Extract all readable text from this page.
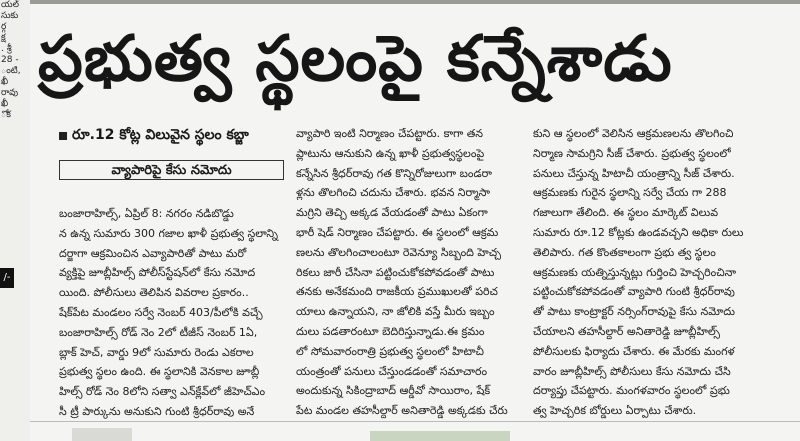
యల్
సుకు
ర్గ
క్ష
. శ్రీ
28 -
ంటి,
ఖీ
రావు
ఖీ
ోక
/-
ప్రభుత్వ స్థలంపై కన్నేశాడు
రూ.12 కోట్ల విలువైన స్థలం కబ్జా
వ్యాపారిపై కేసు నమోదు

బంజారాహిల్స్, ఏప్రిల్ 8: నగరం నడిబొడ్డు

న ఉన్న సుమారు 300 గజాల ఖాళీ ప్రభుత్వ స్థలాన్ని

దర్జాగా ఆక్రమించిన ఎవ్యాపారితో పాటు మరో

వ్యక్తిపై జూబ్లీహిల్స్ పోలీస్‌స్టేషన్‌లో కేసు నమోద

యింది. పోలీసులు తెలిపిన వివరాల ప్రకారం..

షేక్‌పేట మండలం సర్వే నెంబర్ 403/పీలోకి వచ్చే

బంజారాహిల్స్ రోడ్ నెం 2లో టీజీస్ నెంబర్ 1ఏ,

బ్లాక్ హెచ్, వార్డు 9లో సుమారు రెండు ఎకరాల

ప్రభుత్వ స్థలం ఉంది. ఈ స్థలానికి వెనకాల జూబ్లీ

హిల్స్ రోడ్ నెం 8లోని సత్వా ఎన్‌క్లేవ్‌లో జీహెచ్ఎం

సీ ట్రీ పార్కును అనుకుని గుంటి శ్రీధర్‌రావు అనే

వ్యాపారి ఇంటి నిర్మాణం చేపట్టారు. కాగా తన

ప్లాటును ఆనుకుని ఉన్న ఖాళీ ప్రభుత్వస్థలంపై

కన్నేసిన శ్రీధర్‌రావు గత కొన్నిరోజులుగా బండరా

ళ్లను తొలగించి చదును చేశారు. భవన నిర్మాసా

మగ్రిని తెచ్చి అక్కడ వేయడంతో పాటు ఏకంగా

భారీ షెడ్ నిర్మాణం చేపట్టారు. ఈ స్థలంలో ఆక్రమ

ణలను తొలగించాలంటూ రెవెన్యూ సిబ్బంది హెచ్చ

రికలు జారీ చేసినా పట్టించుకోకపోవడంతో పాటు

తనకు అనేకమంది రాజకీయ ప్రముఖులతో పరిచ

యాలు ఉన్నాయని, నా జోలికి వస్తే మీరు ఇబ్బం

దులు పడతారంటూ బెదిరిస్తున్నాడు.ఈ క్రమం

లో సోమవారంరాత్రి ప్రభుత్వ స్థలంలో హిటాచీ

యంత్రంతో పనులు చేస్తుండడంతో సమాచారం

అందుకున్న సికింద్రాబాద్ ఆర్డీవో సాయిరాం, షేక్

పేట మండల తహసీల్దార్ అనితారెడ్డి అక్కడకు చేరు

కుని ఆ స్థలంలో వెలిసిన ఆక్రమణలను తొలగించి

నిర్మాణ సామగ్రిని సీజ్ చేశారు. ప్రభుత్వ స్థలంలో

పనులు చేస్తున్న హిటాచీ యంత్రాన్ని సీజ్ చేశారు.

ఆక్రమణకు గురైన స్థలాన్ని సర్వే చేయ గా 288

గజాలుగా తేలింది. ఈ స్థలం మార్కెట్ విలువ

సుమారు రూ.12 కోట్లకు ఉండవచ్చని అధికా రులు

తెలిపారు. గత కొంతకాలంగా ప్రభు త్వ స్థలం

ఆక్రమణకు యత్నిస్తున్నట్లు గుర్తించి హెచ్చరించినా

పట్టించుకోకపోవడంతో వ్యాపారి గుంటి శ్రీధర్‌రావు

తో పాటు కాంట్రాక్టర్ నర్సింగ్‌రావుపై కేసు నమోదు

చేయాలని తహసీల్దార్ అనితారెడ్డి జూబ్లీహిల్స్

పోలీసులకు ఫిర్యాదు చేశారు. ఈ మేరకు మంగళ

వారం జూబ్లీహిల్స్ పోలీసులు కేసు నమోదు చేసి

దర్యాప్తు చేపట్టారు. మంగళవారం స్థలంలో ప్రభు

త్వ హెచ్చరిక బోర్డులు ఏర్పాటు చేశారు.
